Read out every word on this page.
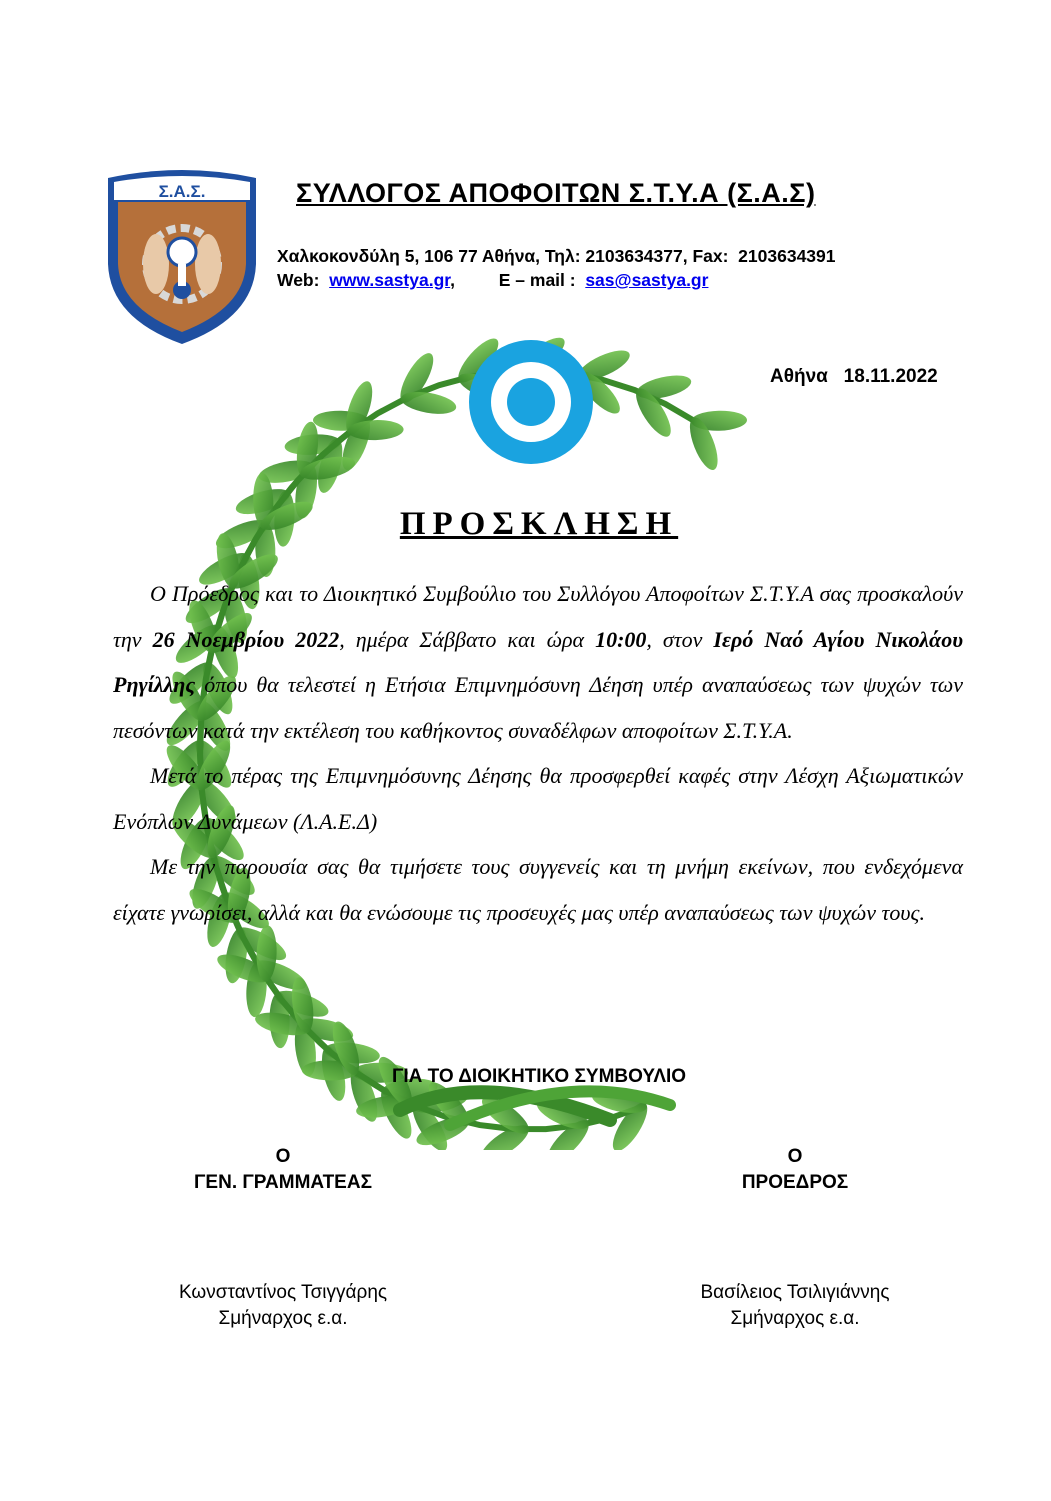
Σ.Α.Σ.	ΣΥΛΛΟΓΟΣ ΑΠΟΦΟΙΤΩΝ Σ.Τ.Υ.Α (Σ.Α.Σ)
Χαλκοκονδύλη 5, 106 77 Αθήνα, Τηλ: 2103634377, Fax:  2103634391
Web:  www.sastya.gr,         E – mail :  sas@sastya.gr
Αθήνα   18.11.2022
ΠΡΟΣΚΛΗΣΗ

Ο Πρόεδρος και το Διοικητικό Συμβούλιο του Συλλόγου Αποφοίτων Σ.Τ.Υ.Α σας προσκαλούν την 26 Νοεμβρίου 2022, ημέρα Σάββατο και ώρα 10:00, στον Ιερό Ναό Αγίου Νικολάου Ρηγίλλης όπου θα τελεστεί η Ετήσια Επιμνημόσυνη Δέηση υπέρ αναπαύσεως των ψυχών των πεσόντων κατά την εκτέλεση του καθήκοντος συναδέλφων αποφοίτων Σ.Τ.Υ.Α.

Μετά το πέρας της Επιμνημόσυνης Δέησης θα προσφερθεί καφές στην Λέσχη Αξιωματικών Ενόπλων Δυνάμεων (Λ.Α.Ε.Δ)

Με την παρουσία σας θα τιμήσετε τους συγγενείς και τη μνήμη εκείνων, που ενδεχόμενα είχατε γνωρίσει, αλλά και θα ενώσουμε τις προσευχές μας υπέρ αναπαύσεως των ψυχών τους.

ΓΙΑ ΤΟ ΔΙΟΙΚΗΤΙΚΟ ΣΥΜΒΟΥΛΙΟ
Ο
ΓΕΝ. ΓΡΑΜΜΑΤΕΑΣ
Κωνσταντίνος Τσιγγάρης
Σμήναρχος ε.α.
Ο
ΠΡΟΕΔΡΟΣ
Βασίλειος Τσιλιγιάννης
Σμήναρχος ε.α.
